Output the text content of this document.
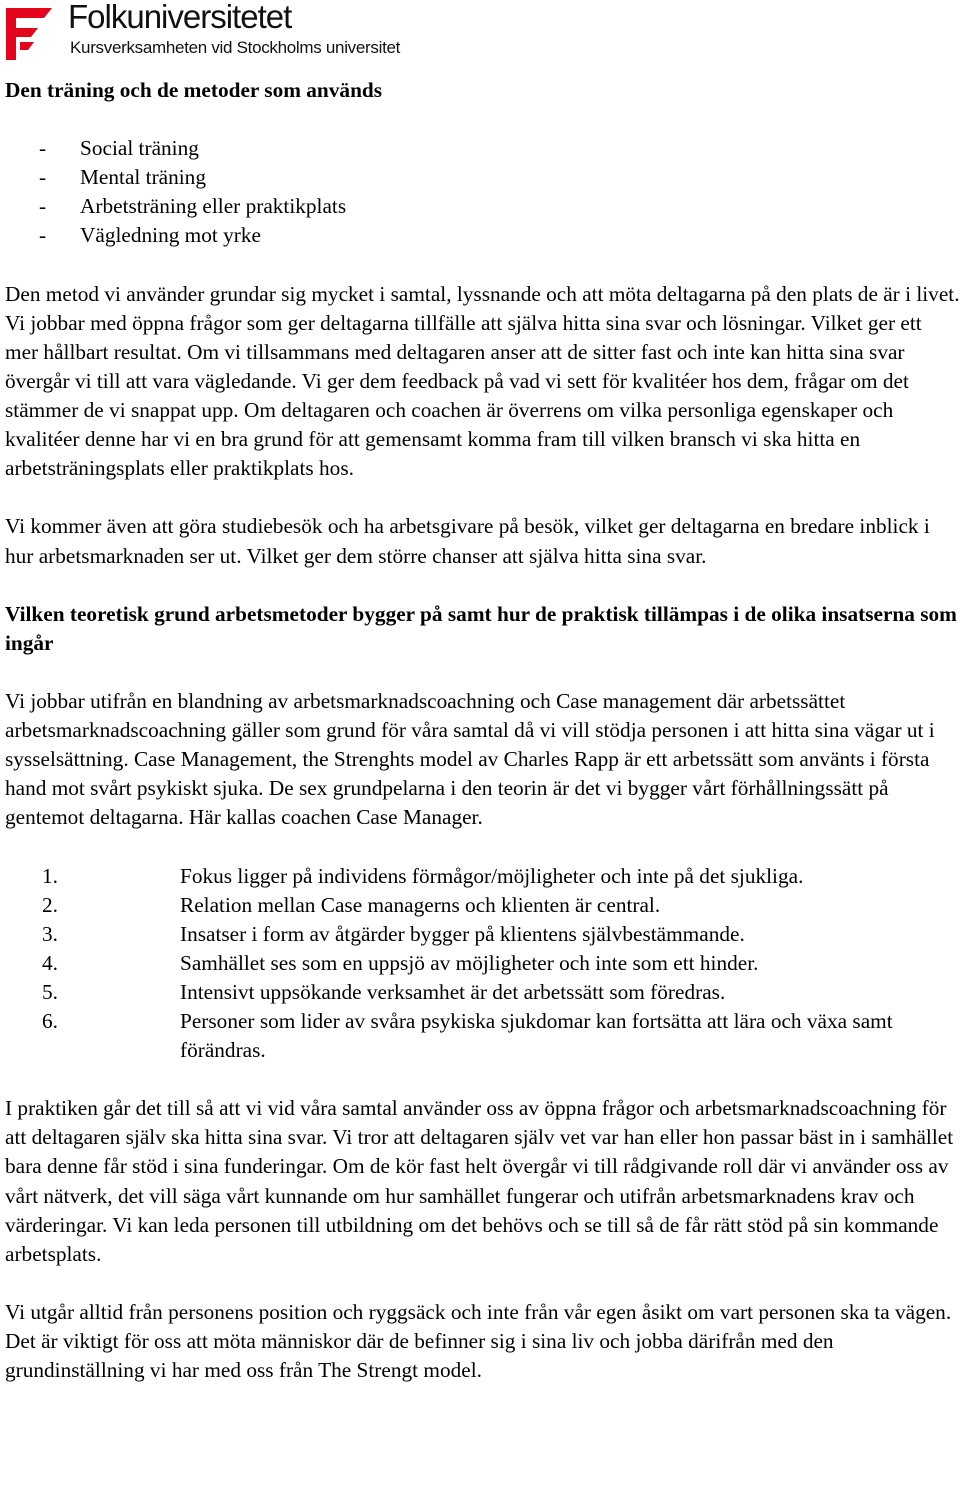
Folkuniversitetet
Kursverksamheten vid Stockholms universitet

Den träning och de metoder som används

- Social träning
- Mental träning
- Arbetsträning eller praktikplats
- Vägledning mot yrke

Den metod vi använder grundar sig mycket i samtal, lyssnande och att möta deltagarna på den plats de är i livet. Vi jobbar med öppna frågor som ger deltagarna tillfälle att själva hitta sina svar och lösningar. Vilket ger ett mer hållbart resultat. Om vi tillsammans med deltagaren anser att de sitter fast och inte kan hitta sina svar övergår vi till att vara vägledande. Vi ger dem feedback på vad vi sett för kvalitéer hos dem, frågar om det stämmer de vi snappat upp. Om deltagaren och coachen är överrens om vilka personliga egenskaper och kvalitéer denne har vi en bra grund för att gemensamt komma fram till vilken bransch vi ska hitta en arbetsträningsplats eller praktikplats hos.

Vi kommer även att göra studiebesök och ha arbetsgivare på besök, vilket ger deltagarna en bredare inblick i hur arbetsmarknaden ser ut. Vilket ger dem större chanser att själva hitta sina svar.

Vilken teoretisk grund arbetsmetoder bygger på samt hur de praktisk tillämpas i de olika insatserna som ingår

Vi jobbar utifrån en blandning av arbetsmarknadscoachning och Case management där arbetssättet arbetsmarknadscoachning gäller som grund för våra samtal då vi vill stödja personen i att hitta sina vägar ut i sysselsättning. Case Management, the Strenghts model av Charles Rapp är ett arbetssätt som använts i första hand mot svårt psykiskt sjuka. De sex grundpelarna i den teorin är det vi bygger vårt förhållningssätt på gentemot deltagarna. Här kallas coachen Case Manager.

1.	Fokus ligger på individens förmågor/möjligheter och inte på det sjukliga.
2.	Relation mellan Case managerns och klienten är central.
3.	Insatser i form av åtgärder bygger på klientens självbestämmande.
4.	Samhället ses som en uppsjö av möjligheter och inte som ett hinder.
5.	Intensivt uppsökande verksamhet är det arbetssätt som föredras.
6.	Personer som lider av svåra psykiska sjukdomar kan fortsätta att lära och växa samt förändras.

I praktiken går det till så att vi vid våra samtal använder oss av öppna frågor och arbetsmarknadscoachning för att deltagaren själv ska hitta sina svar. Vi tror att deltagaren själv vet var han eller hon passar bäst in i samhället bara denne får stöd i sina funderingar. Om de kör fast helt övergår vi till rådgivande roll där vi använder oss av vårt nätverk, det vill säga vårt kunnande om hur samhället fungerar och utifrån arbetsmarknadens krav och värderingar. Vi kan leda personen till utbildning om det behövs och se till så de får rätt stöd på sin kommande arbetsplats.

Vi utgår alltid från personens position och ryggsäck och inte från vår egen åsikt om vart personen ska ta vägen. Det är viktigt för oss att möta människor där de befinner sig i sina liv och jobba därifrån med den grundinställning vi har med oss från The Strengt model.
